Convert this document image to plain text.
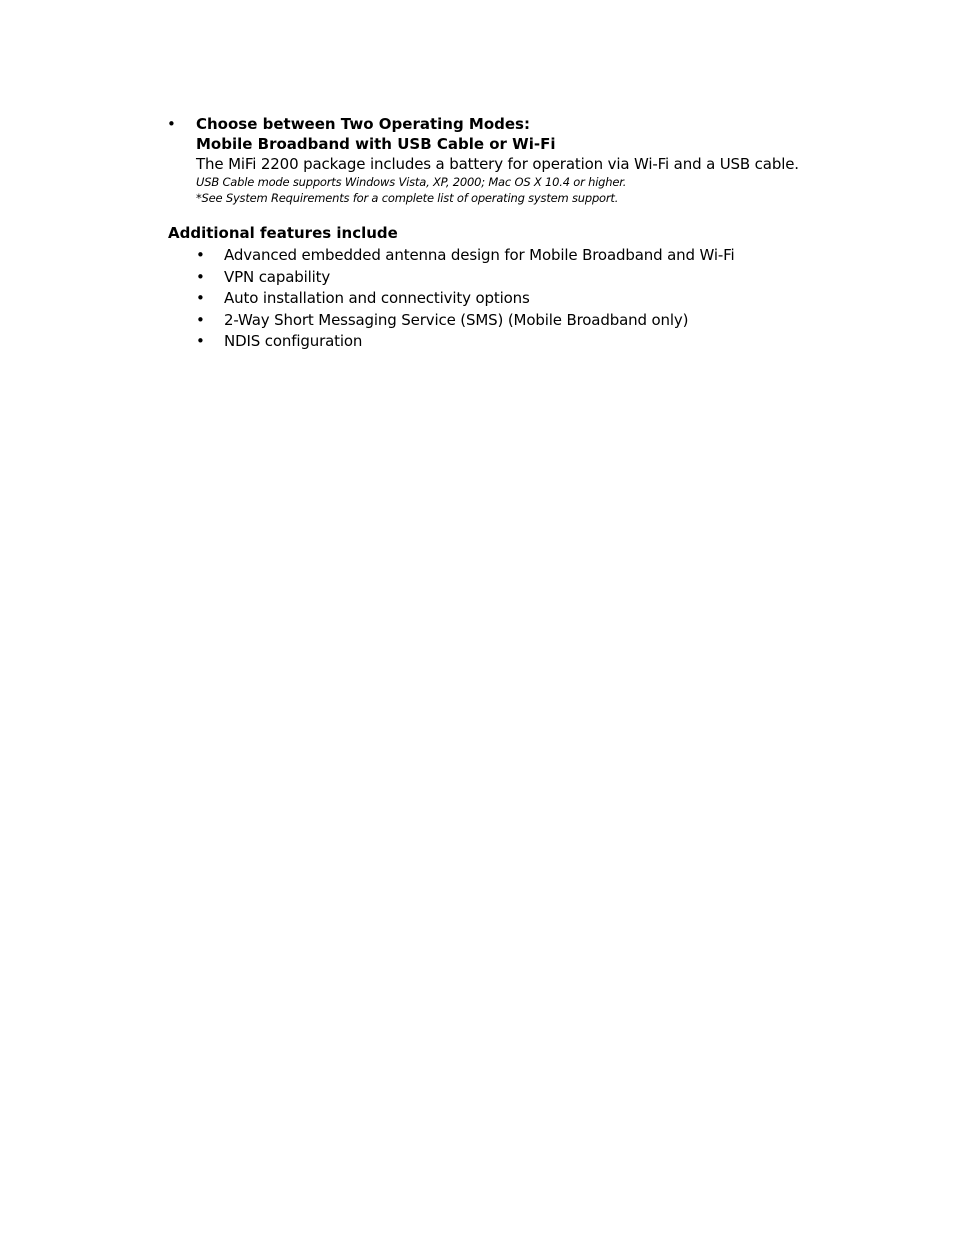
• Choose between Two Operating Modes:
Mobile Broadband with USB Cable or Wi-Fi
The MiFi 2200 package includes a battery for operation via Wi-Fi and a USB cable.
USB Cable mode supports Windows Vista, XP, 2000; Mac OS X 10.4 or higher.
*See System Requirements for a complete list of operating system support.
Additional features include
• Advanced embedded antenna design for Mobile Broadband and Wi-Fi
• VPN capability
• Auto installation and connectivity options
• 2-Way Short Messaging Service (SMS) (Mobile Broadband only)
• NDIS configuration
